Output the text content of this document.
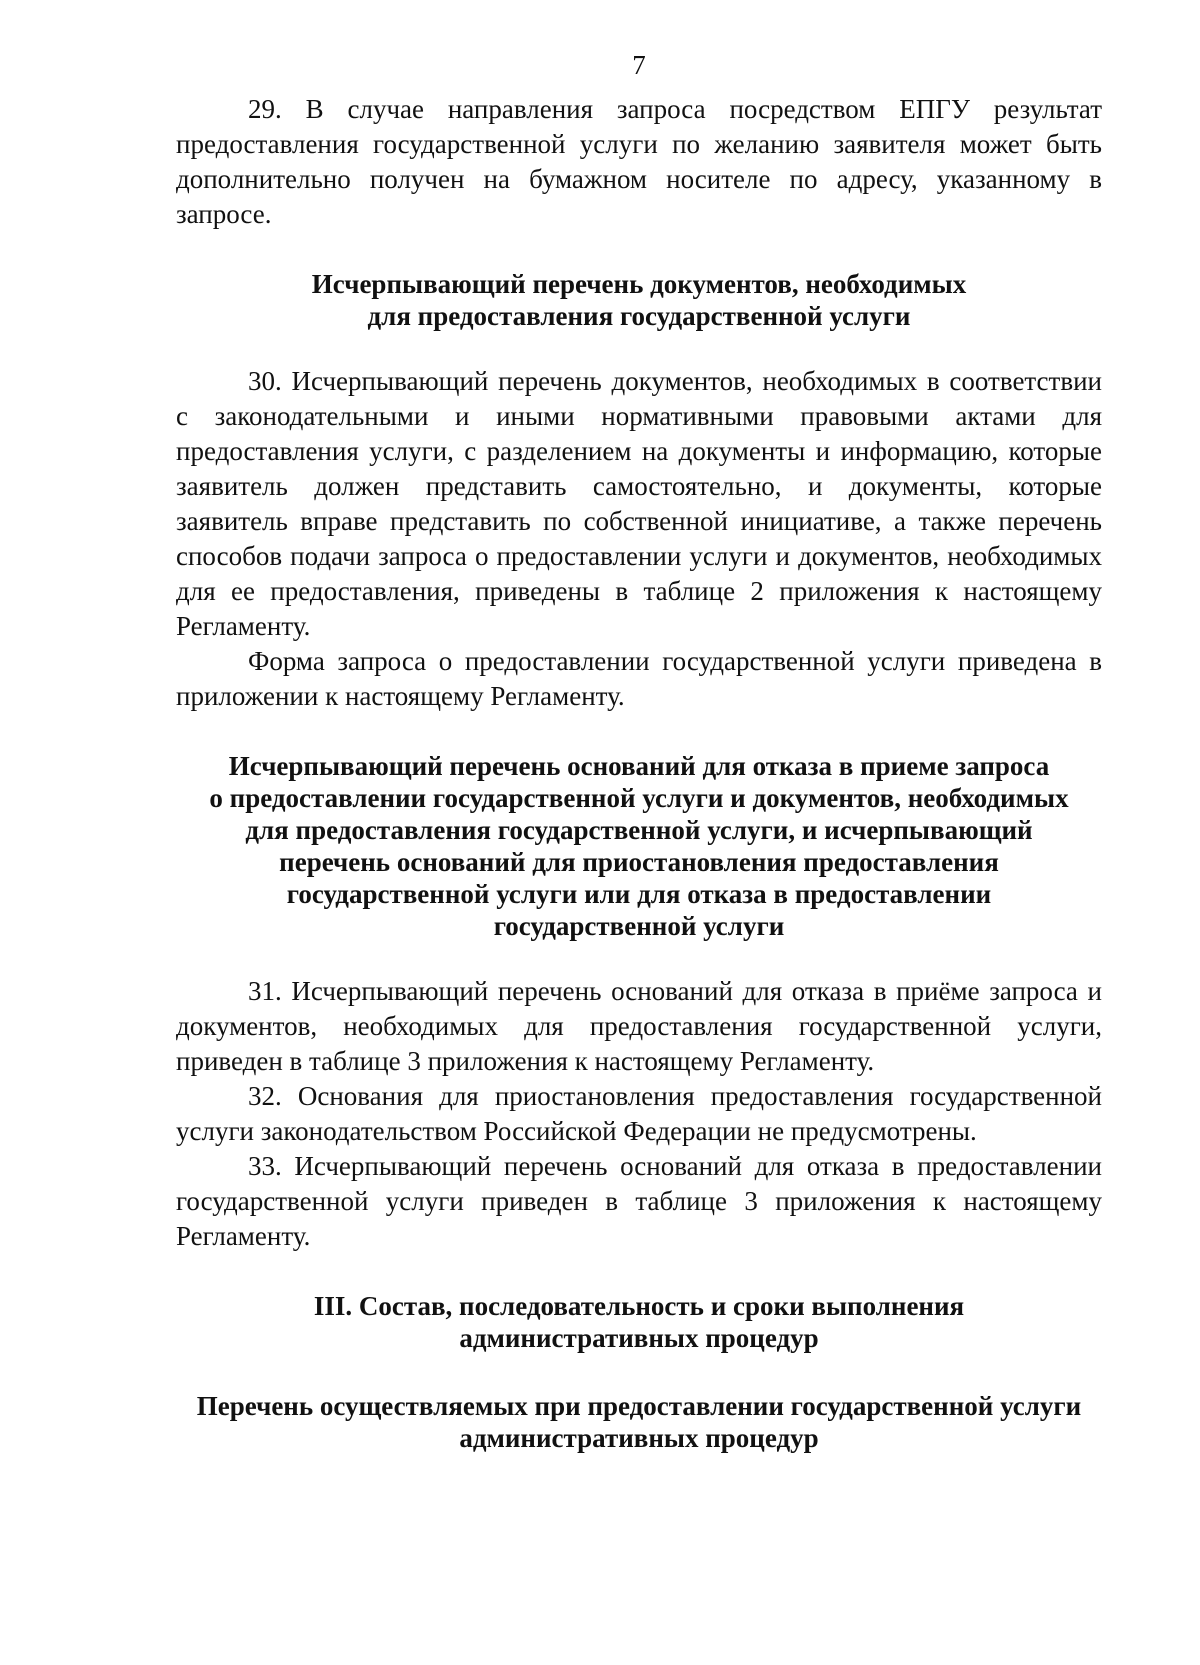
7

29. В случае направления запроса посредством ЕПГУ результат предоставления государственной услуги по желанию заявителя может быть дополнительно получен на бумажном носителе по адресу, указанному в запросе.

Исчерпывающий перечень документов, необходимых
для предоставления государственной услуги

30. Исчерпывающий перечень документов, необходимых в соответствии с законодательными и иными нормативными правовыми актами для предоставления услуги, с разделением на документы и информацию, которые заявитель должен представить самостоятельно, и документы, которые заявитель вправе представить по собственной инициативе, а также перечень способов подачи запроса о предоставлении услуги и документов, необходимых для ее предоставления, приведены в таблице 2 приложения к настоящему Регламенту.

Форма запроса о предоставлении государственной услуги приведена в приложении к настоящему Регламенту.

Исчерпывающий перечень оснований для отказа в приеме запроса
о предоставлении государственной услуги и документов, необходимых
для предоставления государственной услуги, и исчерпывающий
перечень оснований для приостановления предоставления
государственной услуги или для отказа в предоставлении
государственной услуги

31. Исчерпывающий перечень оснований для отказа в приёме запроса и документов, необходимых для предоставления государственной услуги, приведен в таблице 3 приложения к настоящему Регламенту.

32. Основания для приостановления предоставления государственной услуги законодательством Российской Федерации не предусмотрены.

33. Исчерпывающий перечень оснований для отказа в предоставлении государственной услуги приведен в таблице 3 приложения к настоящему Регламенту.

III. Состав, последовательность и сроки выполнения
административных процедур
Перечень осуществляемых при предоставлении государственной услуги
административных процедур
